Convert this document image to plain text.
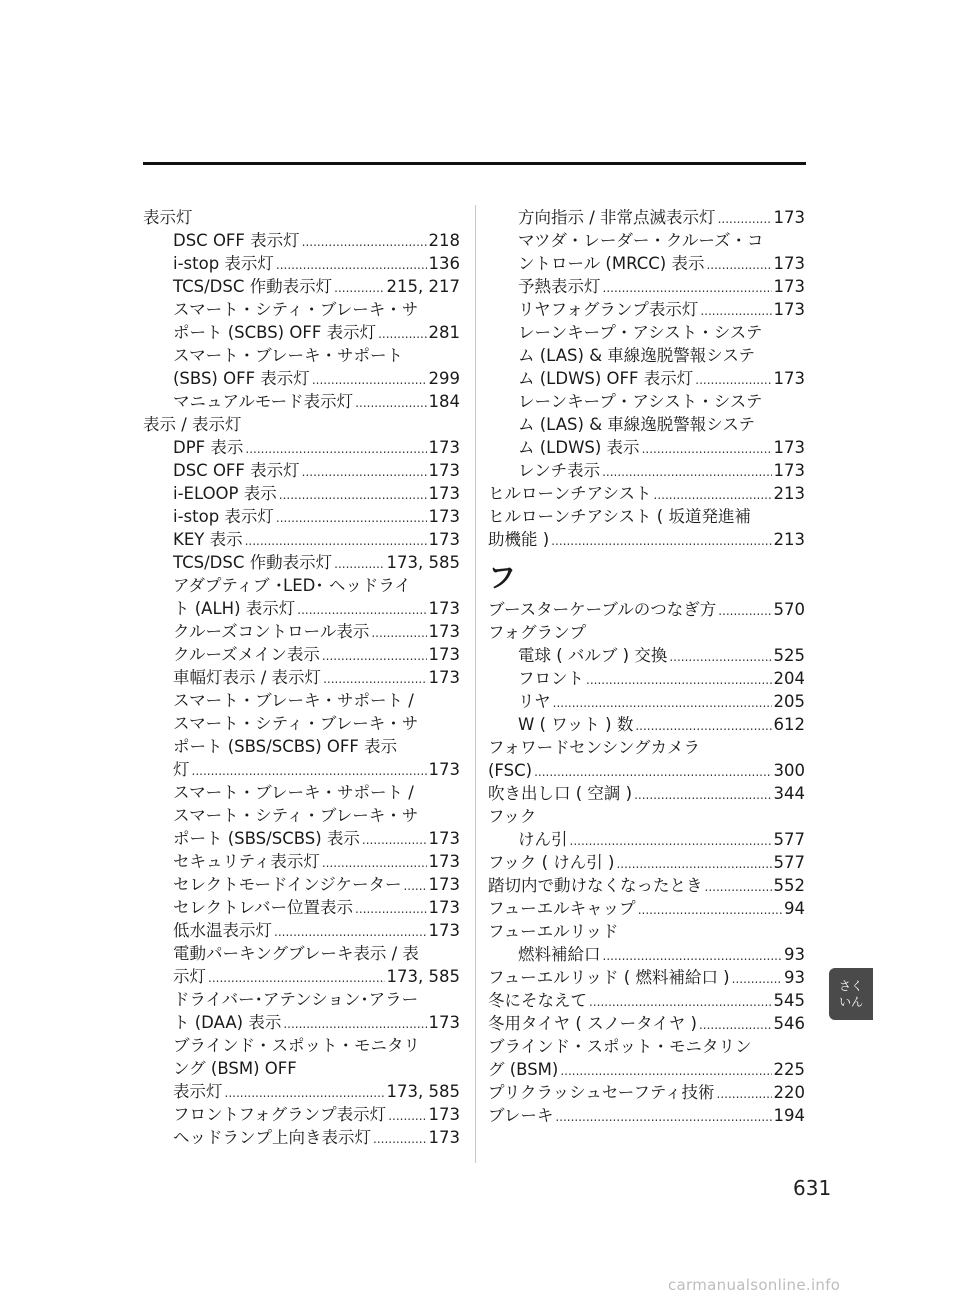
表示灯
DSC OFF 表示灯 .....	218
i-stop 表示灯 .....	136
TCS/DSC 作動表示灯 .....	215, 217
スマート・シティ・ブレーキ・サ
ポート (SCBS) OFF 表示灯 .....	281
スマート・ブレーキ・サポート
(SBS) OFF 表示灯 .....	299
マニュアルモード表示灯 .....	184
表示 / 表示灯
DPF 表示 .....	173
DSC OFF 表示灯 .....	173
i-ELOOP 表示 .....	173
i-stop 表示灯 .....	173
KEY 表示 .....	173
TCS/DSC 作動表示灯 .....	173, 585
アダプティブ ･LED･ ヘッドライ
ト (ALH) 表示灯 .....	173
クルーズコントロール表示 .....	173
クルーズメイン表示 .....	173
車幅灯表示 / 表示灯 .....	173
スマート・ブレーキ・サポート /
スマート・シティ・ブレーキ・サ
ポート (SBS/SCBS) OFF 表示
灯 .....	173
スマート・ブレーキ・サポート /
スマート・シティ・ブレーキ・サ
ポート (SBS/SCBS) 表示 .....	173
セキュリティ表示灯 .....	173
セレクトモードインジケーター ..... 173
セレクトレバー位置表示 .....	173
低水温表示灯 .....	173
電動パーキングブレーキ表示 / 表
示灯 .....	173, 585
ドライバー･アテンション･アラー
ト (DAA) 表示 .....	173
ブラインド・スポット・モニタリ
ング (BSM) OFF
表示灯 .....	173, 585
フロントフォグランプ表示灯 .....	173
ヘッドランプ上向き表示灯 .....	173
方向指示 / 非常点滅表示灯 .....	173
マツダ・レーダー・クルーズ・コ
ントロール (MRCC) 表示 .....	173
予熱表示灯 .....	173
リヤフォグランプ表示灯 .....	173
レーンキープ・アシスト・システ
ム (LAS) & 車線逸脱警報システ
ム (LDWS) OFF 表示灯 .....	173
レーンキープ・アシスト・システ
ム (LAS) & 車線逸脱警報システ
ム (LDWS) 表示 .....	173
レンチ表示 .....	173
ヒルローンチアシスト .....	213
ヒルローンチアシスト ( 坂道発進補
助機能 ) .....	213
フ
ブースターケーブルのつなぎ方 .....	570
フォグランプ
電球 ( バルブ ) 交換 .....	525
フロント .....	204
リヤ .....	205
W ( ワット ) 数 .....	612
フォワードセンシングカメラ
(FSC) .....	300
吹き出し口 ( 空調 ) .....	344
フック
けん引 .....	577
フック ( けん引 ) .....	577
踏切内で動けなくなったとき .....	552
フューエルキャップ .....	94
フューエルリッド
燃料補給口 .....	93
フューエルリッド ( 燃料補給口 ) .....	93
冬にそなえて .....	545
冬用タイヤ ( スノータイヤ ) .....	546
ブラインド・スポット・モニタリン
グ (BSM) .....	225
プリクラッシュセーフティ技術 .....	220
ブレーキ .....	194
さく
いん
631
carmanualsonline.info
